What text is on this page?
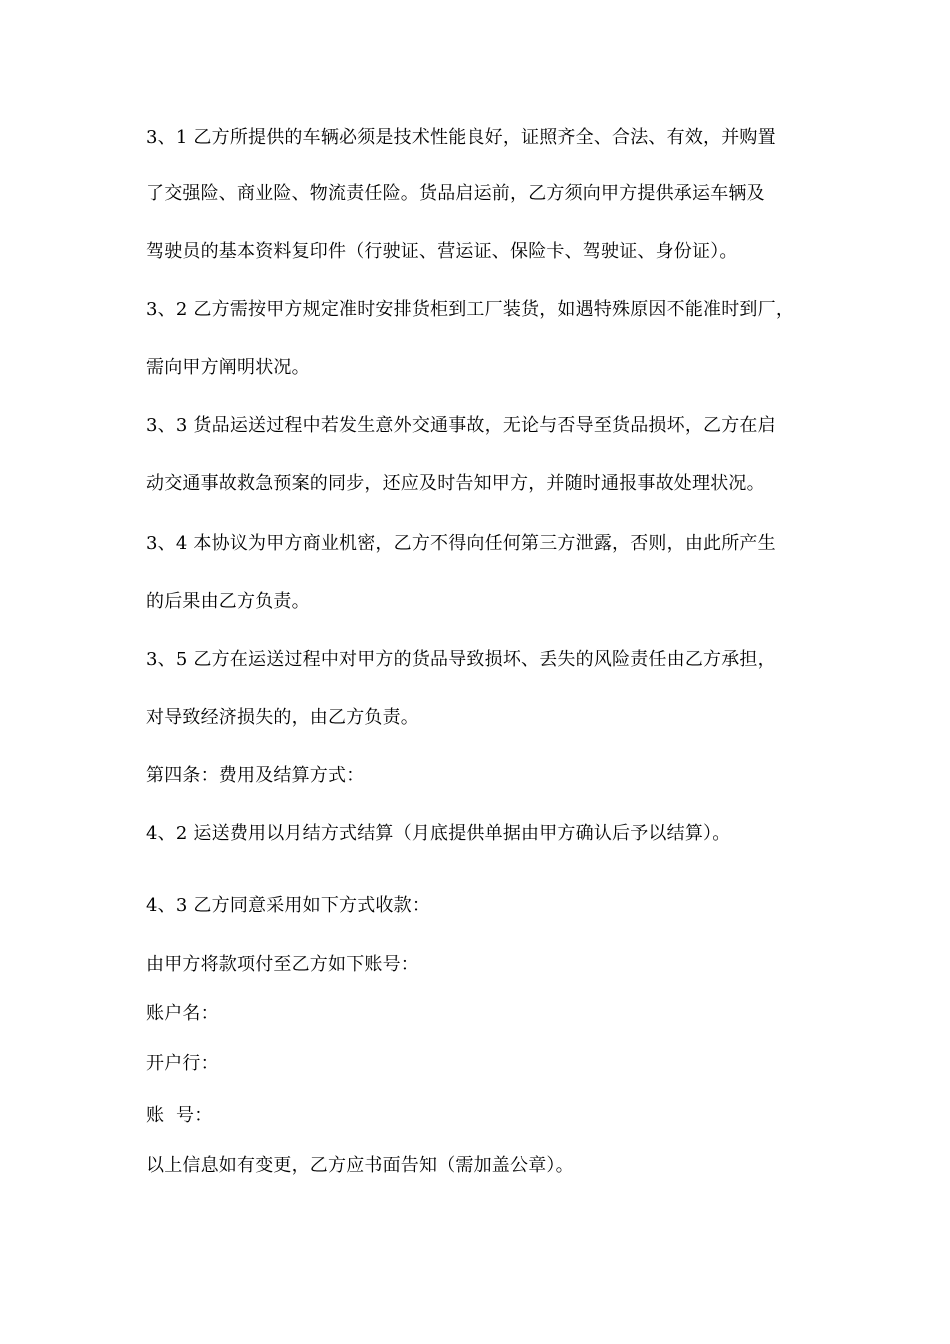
3、1 乙方所提供的车辆必须是技术性能良好，证照齐全、合法、有效，并购置
了交强险、商业险、物流责任险。货品启运前，乙方须向甲方提供承运车辆及
驾驶员的基本资料复印件（行驶证、营运证、保险卡、驾驶证、身份证）。
3、2 乙方需按甲方规定准时安排货柜到工厂装货，如遇特殊原因不能准时到厂，
需向甲方阐明状况。
3、3 货品运送过程中若发生意外交通事故，无论与否导至货品损坏，乙方在启
动交通事故救急预案的同步，还应及时告知甲方，并随时通报事故处理状况。
3、4 本协议为甲方商业机密，乙方不得向任何第三方泄露，否则，由此所产生
的后果由乙方负责。
3、5 乙方在运送过程中对甲方的货品导致损坏、丢失的风险责任由乙方承担，
对导致经济损失的，由乙方负责。
第四条：费用及结算方式：
4、2 运送费用以月结方式结算（月底提供单据由甲方确认后予以结算）。
4、3 乙方同意采用如下方式收款：
由甲方将款项付至乙方如下账号：
账户名：
开户行：
账  号：
以上信息如有变更，乙方应书面告知（需加盖公章）。
